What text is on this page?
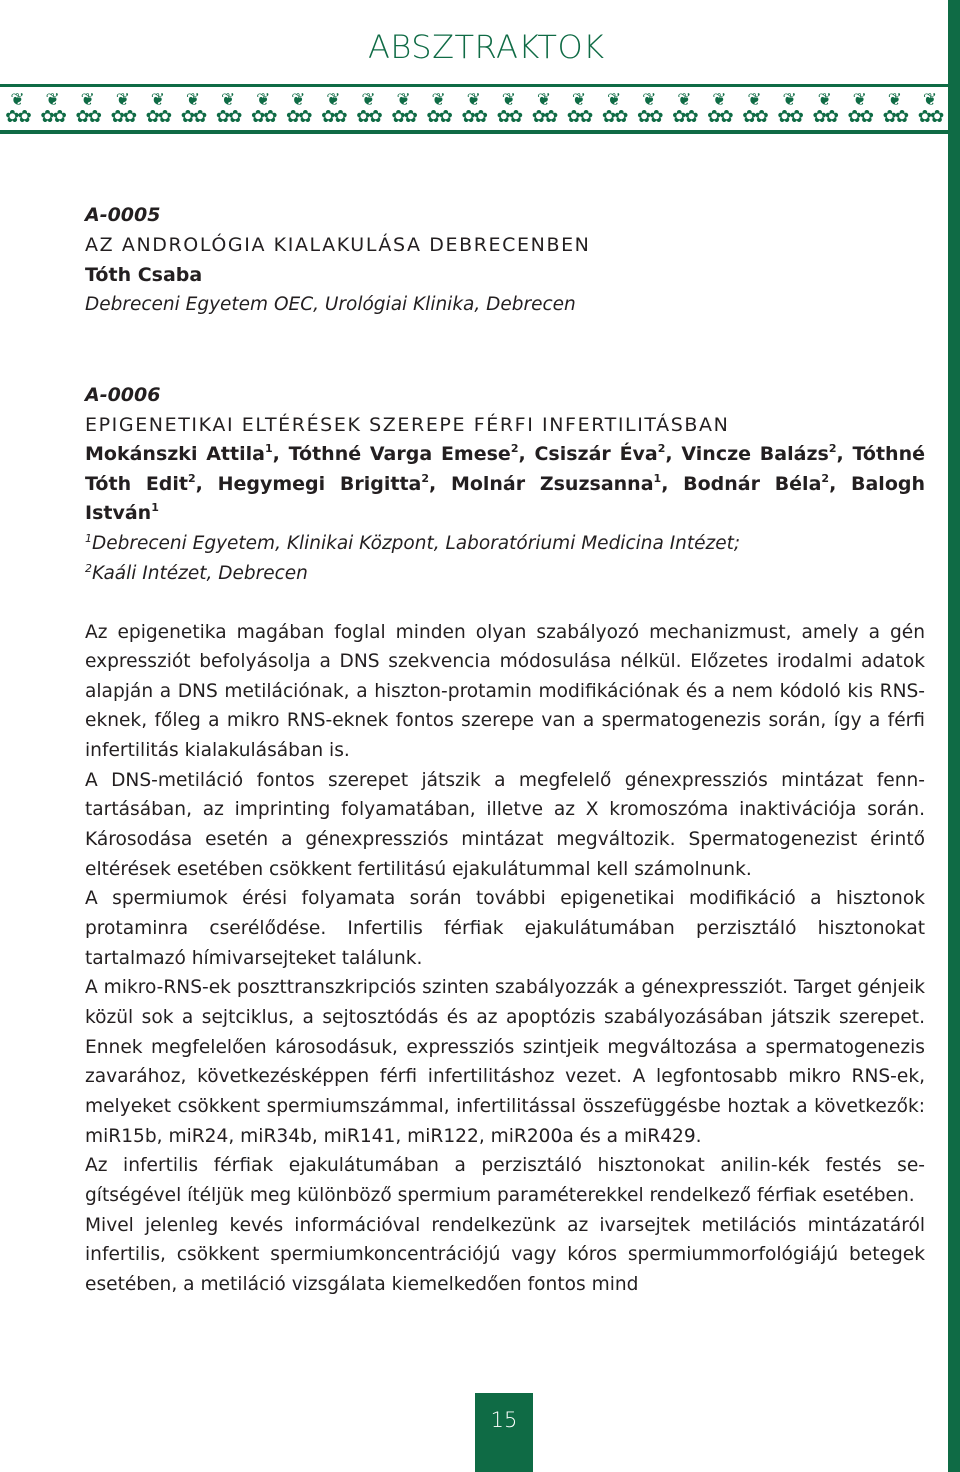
ABSZTRAKTOK
❦
✿✿
❦
✿✿
❦
✿✿
❦
✿✿
❦
✿✿
❦
✿✿
❦
✿✿
❦
✿✿
❦
✿✿
❦
✿✿
❦
✿✿
❦
✿✿
❦
✿✿
❦
✿✿
❦
✿✿
❦
✿✿
❦
✿✿
❦
✿✿
❦
✿✿
❦
✿✿
❦
✿✿
❦
✿✿
❦
✿✿
❦
✿✿
❦
✿✿
❦
✿✿
❦
✿✿
A-0005
AZ ANDROLÓGIA KIALAKULÁSA DEBRECENBEN
Tóth Csaba
Debreceni Egyetem OEC, Urológiai Klinika, Debrecen
A-0006
EPIGENETIKAI ELTÉRÉSEK SZEREPE FÉRFI INFERTILITÁSBAN
Mokánszki Attila$^1$, Tóthné Varga Emese$^2$, Csiszár Éva$^2$, Vincze Balázs$^2$, Tóthné Tóth Edit$^2$, Hegymegi Brigitta$^2$, Molnár Zsuzsanna$^1$, Bodnár Béla$^2$, Balogh István$^1$
$^1$Debreceni Egyetem, Klinikai Központ, Laboratóriumi Medicina Intézet;
$^2$Kaáli Intézet, Debrecen

Az epigenetika magában foglal minden olyan szabályozó mechanizmust, amely a gén expressziót befolyásolja a DNS szekvencia módosulása nélkül. Előzetes irodalmi adatok alapján a DNS metilációnak, a hiszton-protamin modifikációnak és a nem kódoló kis RNS-eknek, főleg a mikro RNS-eknek fontos szerepe van a spermatogenezis során, így a férfi infertilitás kialakulásában is.

A DNS-metiláció fontos szerepet játszik a megfelelő génexpressziós mintázat fenntartásában, az imprinting folyamatában, illetve az X kromoszóma inaktivációja során. Károsodása esetén a génexpressziós mintázat megváltozik. Spermatogenezist érintő eltérések esetében csökkent fertilitású ejakulátummal kell számolnunk.

A spermiumok érési folyamata során további epigenetikai modifikáció a hisztonok protaminra cserélődése. Infertilis férfiak ejakulátumában perzisztáló hisztonokat tartalmazó hímivarsejteket találunk.

A mikro-RNS-ek poszttranszkripciós szinten szabályozzák a génexpressziót. Target génjeik közül sok a sejtciklus, a sejtosztódás és az apoptózis szabályozásában játszik szerepet. Ennek megfelelően károsodásuk, expressziós szintjeik megváltozása a spermatogenezis zavarához, következésképpen férfi infertilitáshoz vezet. A legfontosabb mikro RNS-ek, melyeket csökkent spermiumszámmal, infertilitással összefüggésbe hoztak a következők: miR15b, miR24, miR34b, miR141, miR122, miR200a és a miR429.

Az infertilis férfiak ejakulátumában a perzisztáló hisztonokat anilin-kék festés segítségével ítéljük meg különböző spermium paraméterekkel rendelkező férfiak esetében.

Mivel jelenleg kevés információval rendelkezünk az ivarsejtek metilációs mintázatáról infertilis, csökkent spermiumkoncentrációjú vagy kóros spermiummorfológiájú betegek esetében, a metiláció vizsgálata kiemelkedően fontos mind

15
